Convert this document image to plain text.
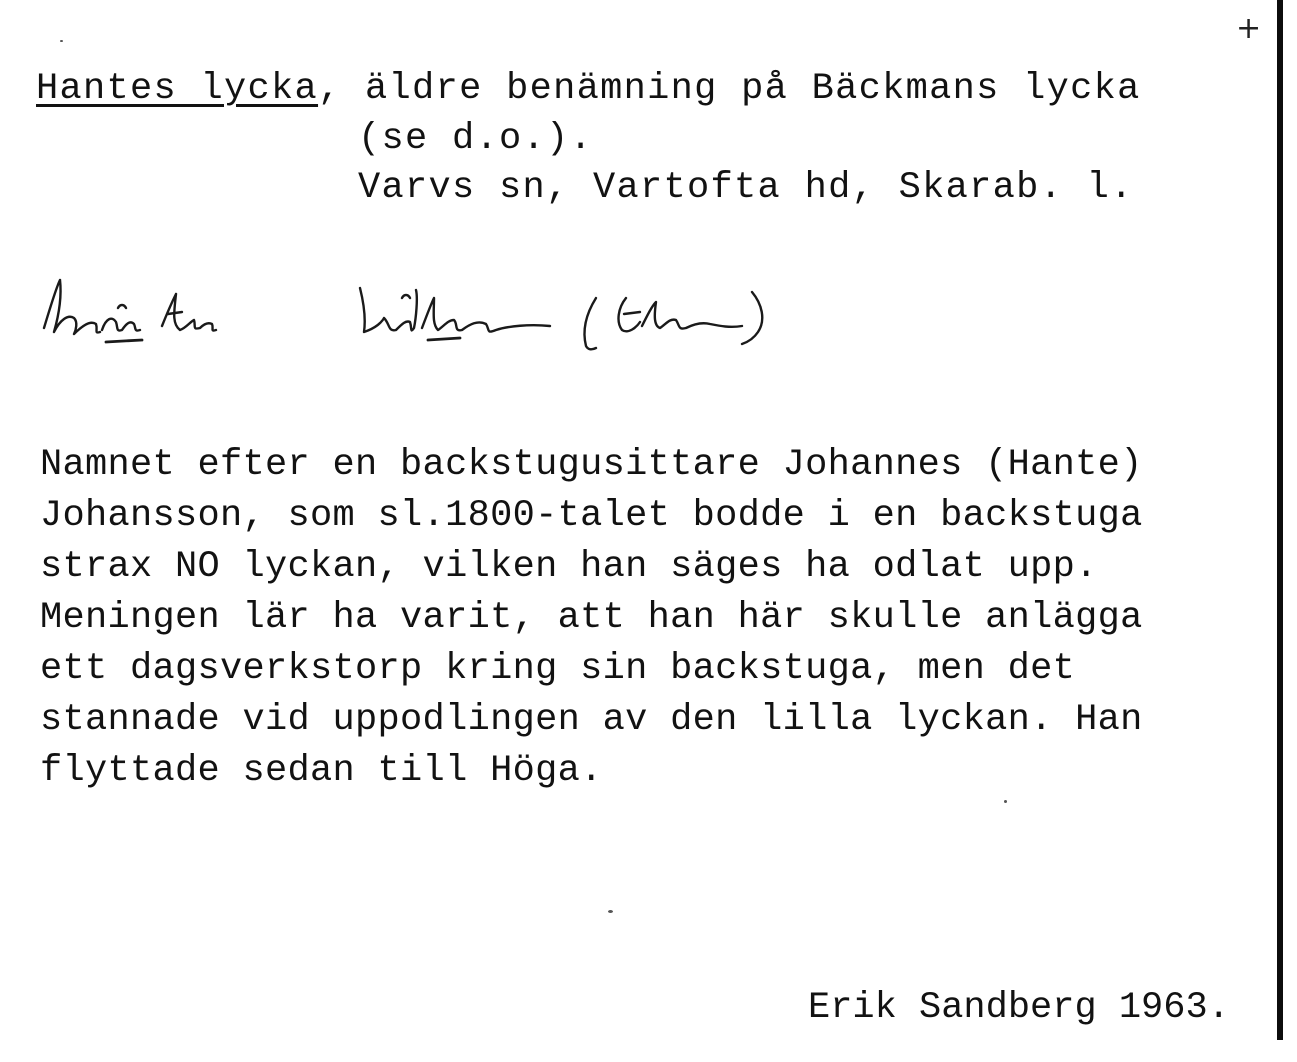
+
Hantes lycka, äldre benämning på Bäckmans lycka
(se d.o.).
Varvs sn, Vartofta hd, Skarab. l.
Namnet efter en backstugusittare Johannes (Hante)
Johansson, som sl.1800-talet bodde i en backstuga
strax NO lyckan, vilken han säges ha odlat upp.
Meningen lär ha varit, att han här skulle anlägga
ett dagsverkstorp kring sin backstuga, men det
stannade vid uppodlingen av den lilla lyckan. Han
flyttade sedan till Höga.
Erik Sandberg 1963.
